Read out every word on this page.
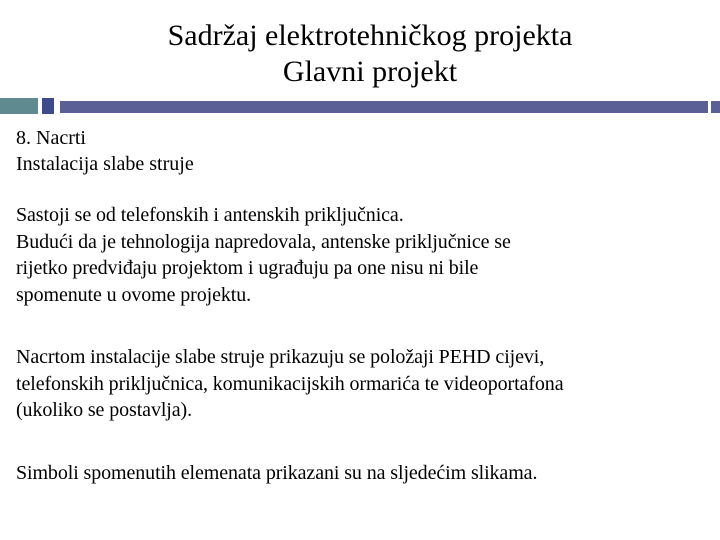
Sadržaj elektrotehničkog projekta
Glavni projekt
8. Nacrti
Instalacija slabe struje
Sastoji se od telefonskih i antenskih priključnica.
Budući da je tehnologija napredovala, antenske priključnice se
rijetko predviđaju projektom i ugrađuju pa one nisu ni bile
spomenute u ovome projektu.
Nacrtom instalacije slabe struje prikazuju se položaji PEHD cijevi,
telefonskih priključnica, komunikacijskih ormarića te videoportafona
(ukoliko se postavlja).
Simboli spomenutih elemenata prikazani su na sljedećim slikama.
